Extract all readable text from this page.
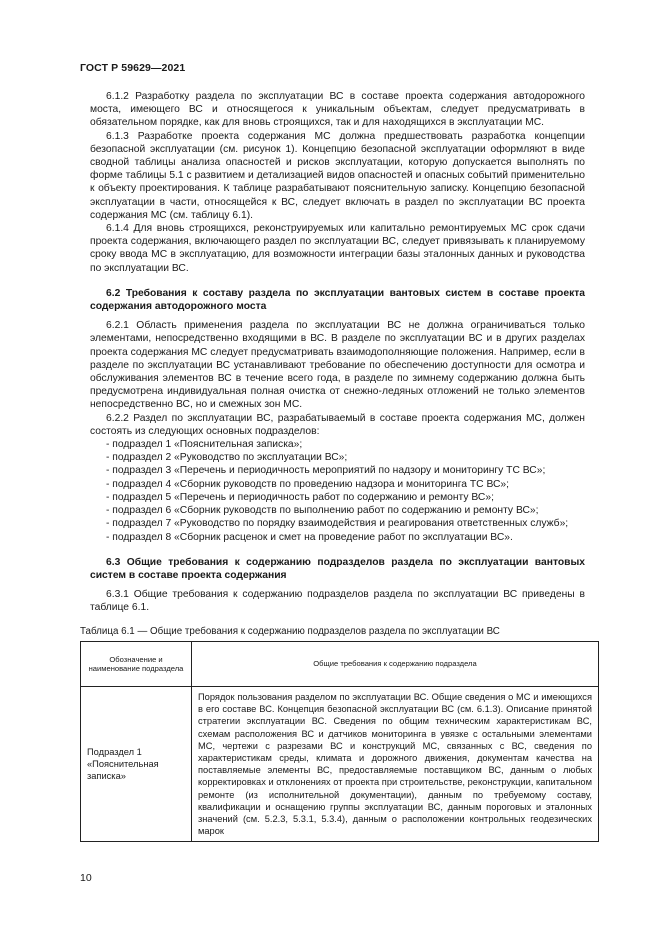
ГОСТ Р 59629—2021

6.1.2 Разработку раздела по эксплуатации ВС в составе проекта содержания автодорожного моста, имеющего ВС и относящегося к уникальным объектам, следует предусматривать в обязательном порядке, как для вновь строящихся, так и для находящихся в эксплуатации МС.

6.1.3 Разработке проекта содержания МС должна предшествовать разработка концепции безопасной эксплуатации (см. рисунок 1). Концепцию безопасной эксплуатации оформляют в виде сводной таблицы анализа опасностей и рисков эксплуатации, которую допускается выполнять по форме таблицы 5.1 с развитием и детализацией видов опасностей и опасных событий применительно к объекту проектирования. К таблице разрабатывают пояснительную записку. Концепцию безопасной эксплуатации в части, относящейся к ВС, следует включать в раздел по эксплуатации ВС проекта содержания МС (см. таблицу 6.1).

6.1.4 Для вновь строящихся, реконструируемых или капитально ремонтируемых МС срок сдачи проекта содержания, включающего раздел по эксплуатации ВС, следует привязывать к планируемому сроку ввода МС в эксплуатацию, для возможности интеграции базы эталонных данных и руководства по эксплуатации ВС.

6.2 Требования к составу раздела по эксплуатации вантовых систем в составе проекта содержания автодорожного моста

6.2.1 Область применения раздела по эксплуатации ВС не должна ограничиваться только элементами, непосредственно входящими в ВС. В разделе по эксплуатации ВС и в других разделах проекта содержания МС следует предусматривать взаимодополняющие положения. Например, если в разделе по эксплуатации ВС устанавливают требование по обеспечению доступности для осмотра и обслуживания элементов ВС в течение всего года, в разделе по зимнему содержанию должна быть предусмотрена индивидуальная полная очистка от снежно-ледяных отложений не только элементов непосредственно ВС, но и смежных зон МС.

6.2.2 Раздел по эксплуатации ВС, разрабатываемый в составе проекта содержания МС, должен состоять из следующих основных подразделов:

- подраздел 1 «Пояснительная записка»;
- подраздел 2 «Руководство по эксплуатации ВС»;
- подраздел 3 «Перечень и периодичность мероприятий по надзору и мониторингу ТС ВС»;
- подраздел 4 «Сборник руководств по проведению надзора и мониторинга ТС ВС»;
- подраздел 5 «Перечень и периодичность работ по содержанию и ремонту ВС»;
- подраздел 6 «Сборник руководств по выполнению работ по содержанию и ремонту ВС»;
- подраздел 7 «Руководство по порядку взаимодействия и реагирования ответственных служб»;
- подраздел 8 «Сборник расценок и смет на проведение работ по эксплуатации ВС».
6.3 Общие требования к содержанию подразделов раздела по эксплуатации вантовых систем в составе проекта содержания

6.3.1 Общие требования к содержанию подразделов раздела по эксплуатации ВС приведены в таблице 6.1.

Таблица 6.1 — Общие требования к содержанию подразделов раздела по эксплуатации ВС
Обозначение и наименование подраздела	Общие требования к содержанию подраздела
Подраздел 1 «Пояснительная записка»	Порядок пользования разделом по эксплуатации ВС. Общие сведения о МС и имеющихся в его составе ВС. Концепция безопасной эксплуатации ВС (см. 6.1.3). Описание принятой стратегии эксплуатации ВС. Сведения по общим техническим характеристикам ВС, схемам расположения ВС и датчиков мониторинга в увязке с остальными элементами МС, чертежи с разрезами ВС и конструкций МС, связанных с ВС, сведения по характеристикам среды, климата и дорожного движения, документам качества на поставляемые элементы ВС, предоставляемые поставщиком ВС, данным о любых корректировках и отклонениях от проекта при строительстве, реконструкции, капитальном ремонте (из исполнительной документации), данным по требуемому составу, квалификации и оснащению группы эксплуатации ВС, данным пороговых и эталонных значений (см. 5.2.3, 5.3.1, 5.3.4), данным о расположении контрольных геодезических марок
10
